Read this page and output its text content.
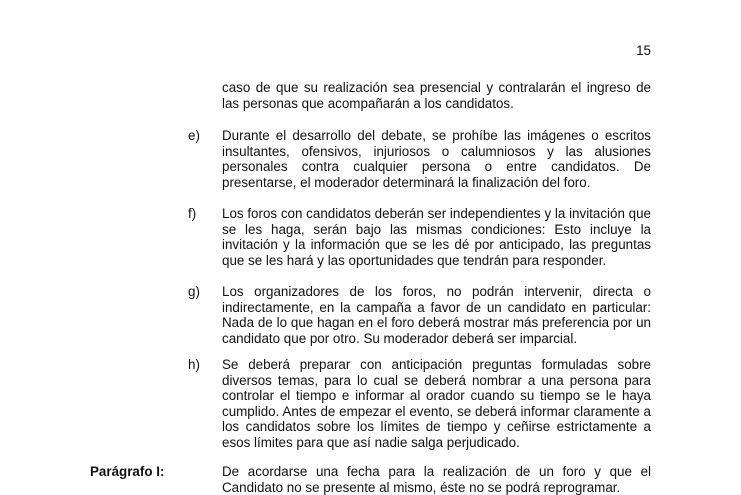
15
caso de que su realización sea presencial y contralarán el ingreso de las personas que acompañarán a los candidatos.
e) Durante el desarrollo del debate, se prohíbe las imágenes o escritos insultantes, ofensivos, injuriosos o calumniosos y las alusiones personales contra cualquier persona o entre candidatos. De presentarse, el moderador determinará la finalización del foro.
f) Los foros con candidatos deberán ser independientes y la invitación que se les haga, serán bajo las mismas condiciones: Esto incluye la invitación y la información que se les dé por anticipado, las preguntas que se les hará y las oportunidades que tendrán para responder.
g) Los organizadores de los foros, no podrán intervenir, directa o indirectamente, en la campaña a favor de un candidato en particular: Nada de lo que hagan en el foro deberá mostrar más preferencia por un candidato que por otro. Su moderador deberá ser imparcial.
h) Se deberá preparar con anticipación preguntas formuladas sobre diversos temas, para lo cual se deberá nombrar a una persona para controlar el tiempo e informar al orador cuando su tiempo se le haya cumplido. Antes de empezar el evento, se deberá informar claramente a los candidatos sobre los límites de tiempo y ceñirse estrictamente a esos límites para que así nadie salga perjudicado.
Parágrafo I:	De acordarse una fecha para la realización de un foro y que el Candidato no se presente al mismo, éste no se podrá reprogramar.
